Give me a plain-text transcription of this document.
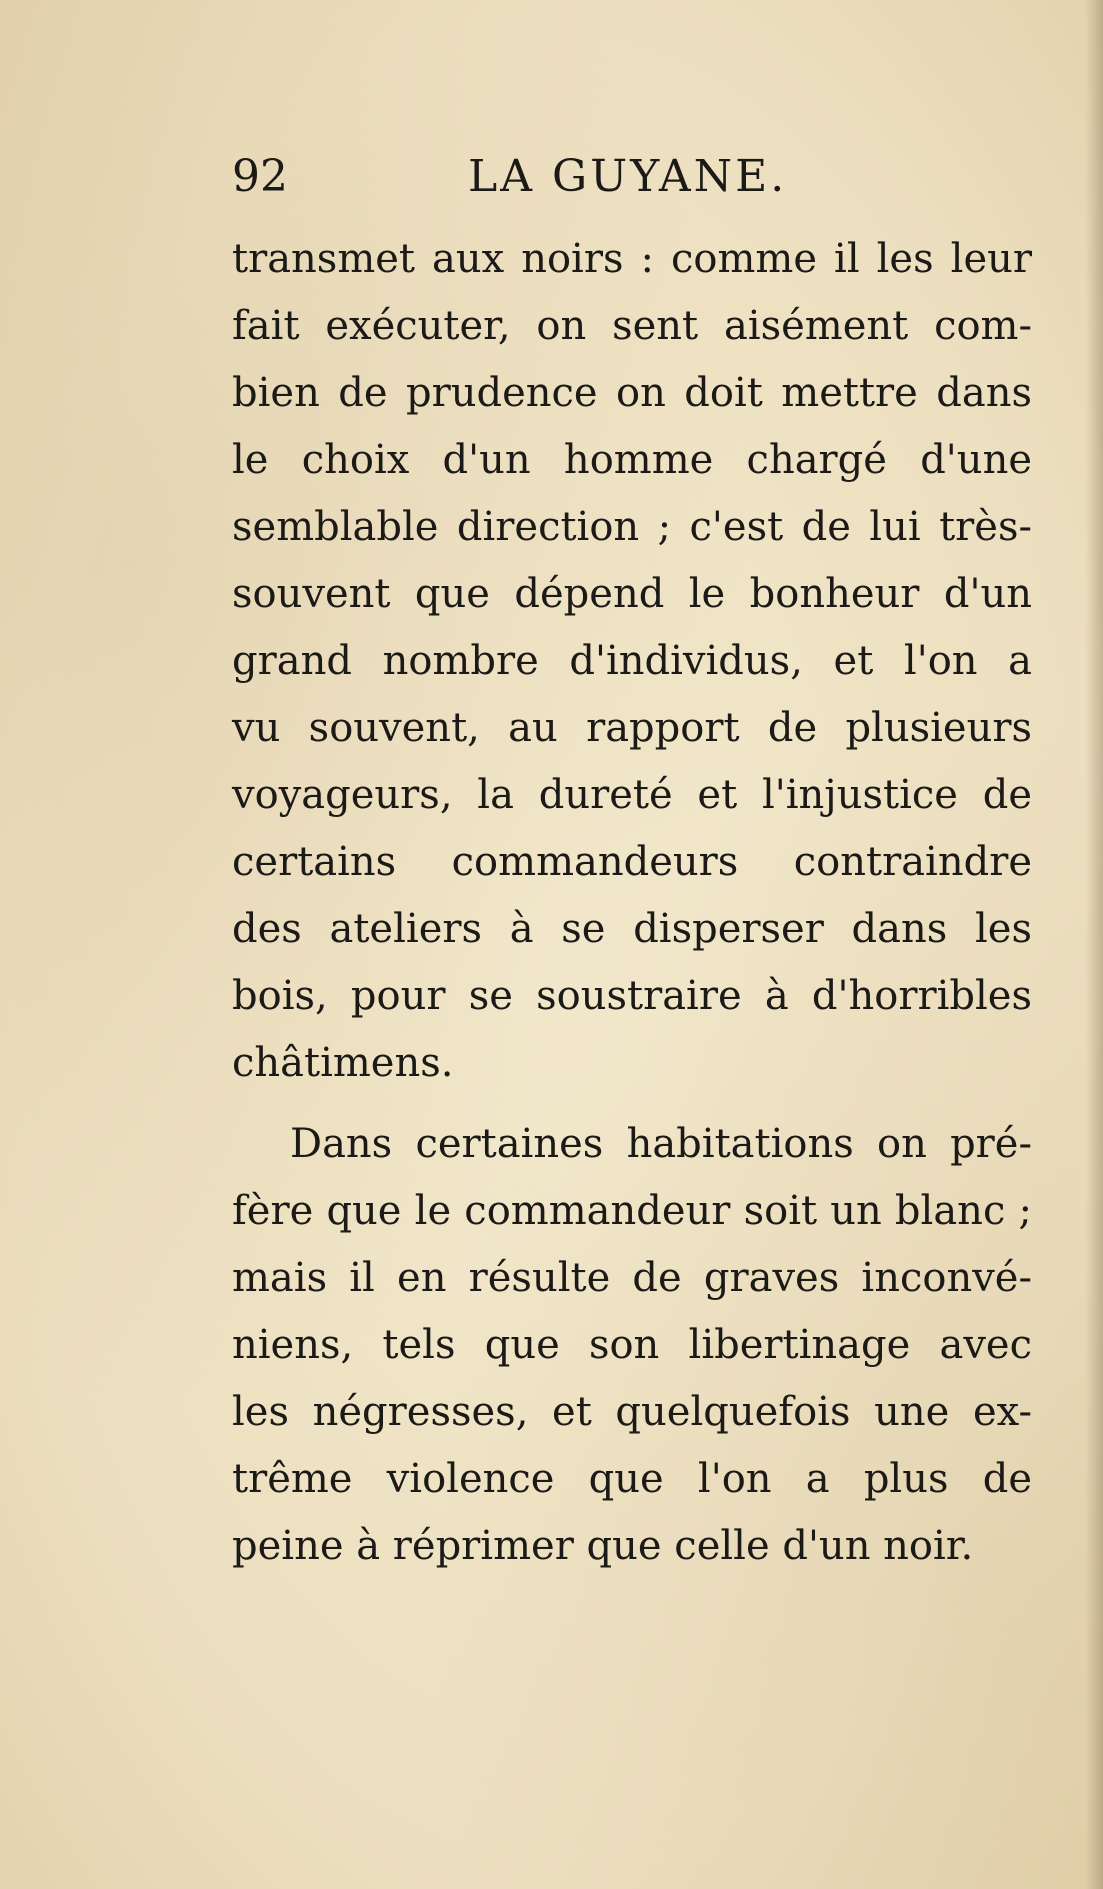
92	LA GUYANE.
transmet aux noirs : comme il les leur
fait exécuter, on sent aisément com-
bien de prudence on doit mettre dans
le choix d'un homme chargé d'une
semblable direction ; c'est de lui très-
souvent que dépend le bonheur d'un
grand nombre d'individus, et l'on a
vu souvent, au rapport de plusieurs
voyageurs, la dureté et l'injustice de
certains commandeurs contraindre
des ateliers à se disperser dans les
bois, pour se soustraire à d'horribles
châtimens.
Dans certaines habitations on pré-
fère que le commandeur soit un blanc ;
mais il en résulte de graves inconvé-
niens, tels que son libertinage avec
les négresses, et quelquefois une ex-
trême violence que l'on a plus de
peine à réprimer que celle d'un noir.
